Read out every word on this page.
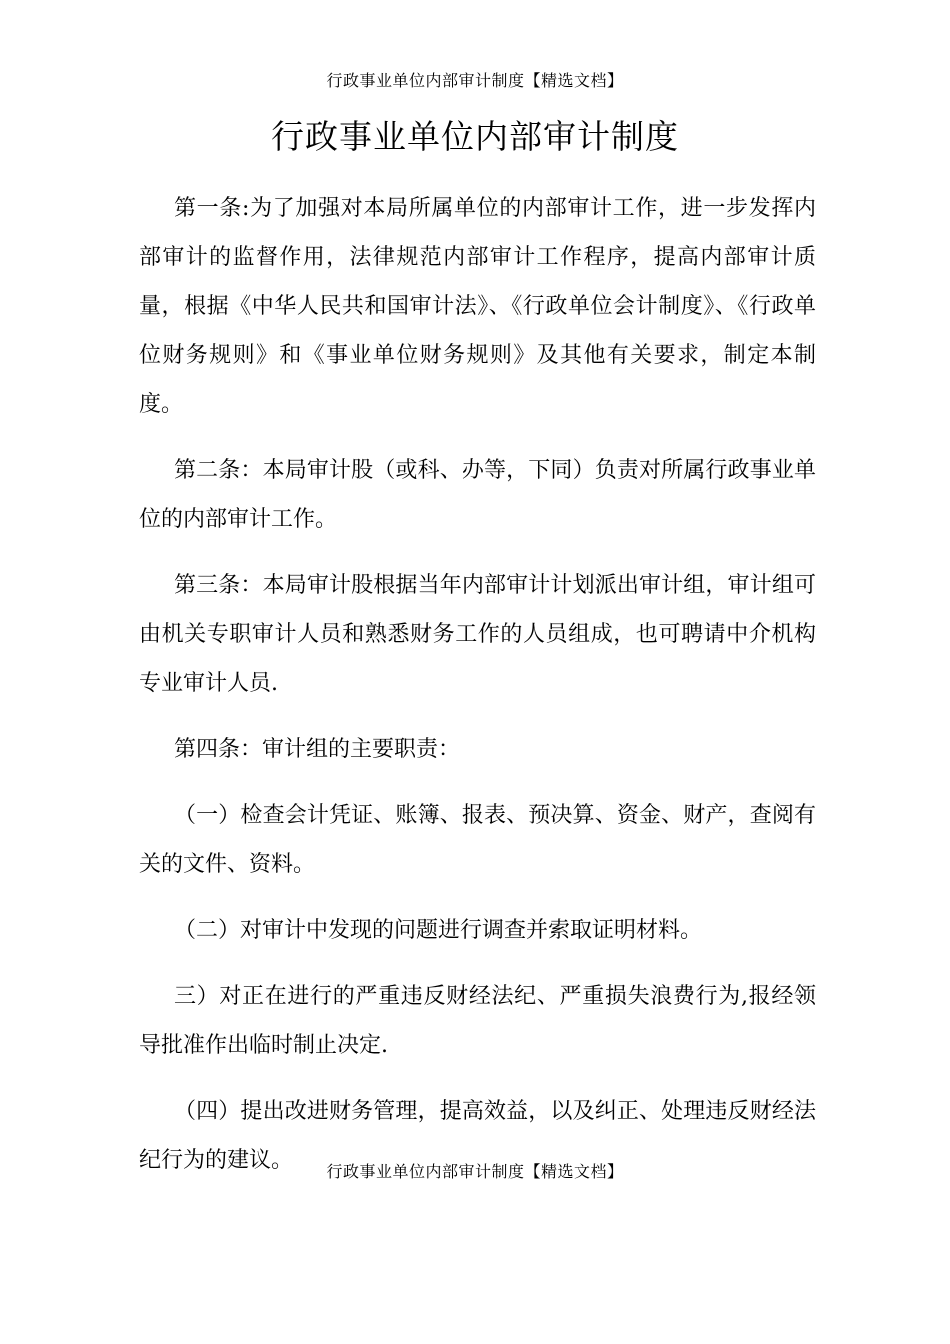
行政事业单位内部审计制度【精选文档】
行政事业单位内部审计制度

第一条:为了加强对本局所属单位的内部审计工作，进一步发挥内部审计的监督作用，法律规范内部审计工作程序，提高内部审计质量，根据《中华人民共和国审计法》、《行政单位会计制度》、《行政单位财务规则》和《事业单位财务规则》及其他有关要求，制定本制度。

第二条：本局审计股（或科、办等，下同）负责对所属行政事业单位的内部审计工作。

第三条：本局审计股根据当年内部审计计划派出审计组，审计组可由机关专职审计人员和熟悉财务工作的人员组成，也可聘请中介机构专业审计人员.

第四条：审计组的主要职责：

（一）检查会计凭证、账簿、报表、预决算、资金、财产，查阅有关的文件、资料。

（二）对审计中发现的问题进行调查并索取证明材料。

三）对正在进行的严重违反财经法纪、严重损失浪费行为,报经领导批准作出临时制止决定.

（四）提出改进财务管理，提高效益，以及纠正、处理违反财经法纪行为的建议。	行政事业单位内部审计制度【精选文档】
